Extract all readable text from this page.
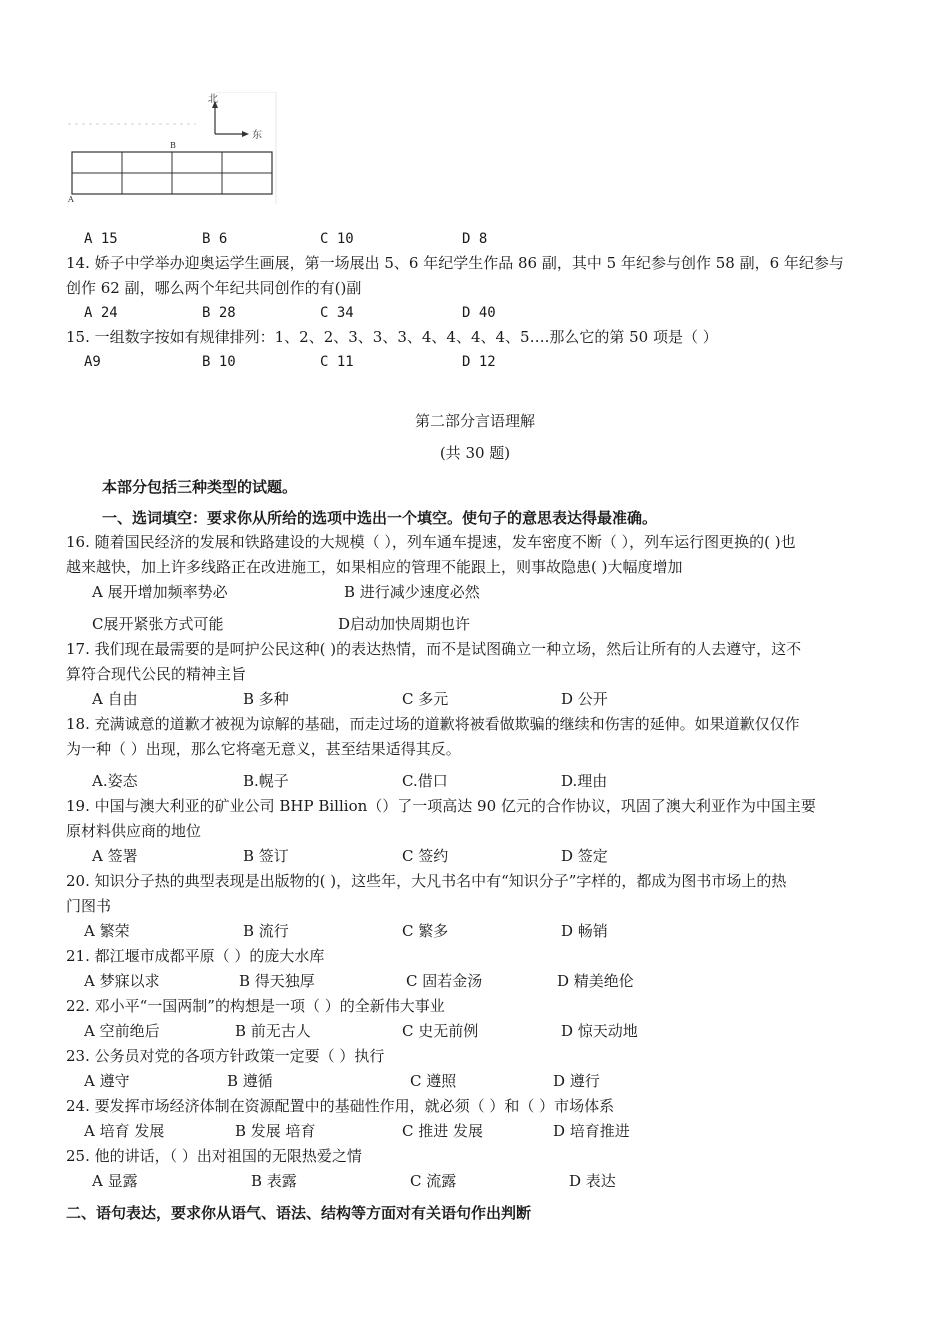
北
东
B
A
A 15	B 6	C 10	D 8
14. 娇子中学举办迎奥运学生画展，第一场展出 5、6 年纪学生作品 86 副，其中 5 年纪参与创作 58 副，6 年纪参与
创作 62 副，哪么两个年纪共同创作的有()副
A 24	B 28	C 34	D 40
15. 一组数字按如有规律排列：1、2、2、3、3、3、4、4、4、4、5….那么它的第 50 项是（ ）
A9	B 10	C 11	D 12
第二部分言语理解
(共 30 题)
本部分包括三种类型的试题。
一、选词填空：要求你从所给的选项中选出一个填空。使句子的意思表达得最准确。
16. 随着国民经济的发展和铁路建设的大规模（ ），列车通车提速，发车密度不断（ ），列车运行图更换的( )也
越来越快，加上许多线路正在改进施工，如果相应的管理不能跟上，则事故隐患( )大幅度增加
A 展开增加频率势必	B 进行减少速度必然
C展开紧张方式可能	D启动加快周期也许
17. 我们现在最需要的是呵护公民这种( )的表达热情，而不是试图确立一种立场，然后让所有的人去遵守，这不
算符合现代公民的精神主旨
A 自由	B 多种	C 多元	D 公开
18. 充满诚意的道歉才被视为谅解的基础，而走过场的道歉将被看做欺骗的继续和伤害的延伸。如果道歉仅仅作
为一种（ ）出现，那么它将毫无意义，甚至结果适得其反。
A.姿态	B.幌子	C.借口	D.理由
19. 中国与澳大利亚的矿业公司 BHP Billion（）了一项高达 90 亿元的合作协议，巩固了澳大利亚作为中国主要
原材料供应商的地位
A 签署	B 签订	C 签约	D 签定
20. 知识分子热的典型表现是出版物的( )，这些年，大凡书名中有“知识分子”字样的，都成为图书市场上的热
门图书
A 繁荣	B 流行	C 繁多	D 畅销
21. 都江堰市成都平原（ ）的庞大水库
A 梦寐以求	B 得天独厚	C 固若金汤	D 精美绝伦
22. 邓小平“一国两制”的构想是一项（ ）的全新伟大事业
A 空前绝后	B 前无古人	C 史无前例	D 惊天动地
23. 公务员对党的各项方针政策一定要（ ）执行
A 遵守	B 遵循	C 遵照	D 遵行
24. 要发挥市场经济体制在资源配置中的基础性作用，就必须（ ）和（ ）市场体系
A 培育 发展	B 发展 培育	C 推进 发展	D 培育推进
25. 他的讲话，（ ）出对祖国的无限热爱之情
A 显露	B 表露	C 流露	D 表达
二、语句表达，要求你从语气、语法、结构等方面对有关语句作出判断
